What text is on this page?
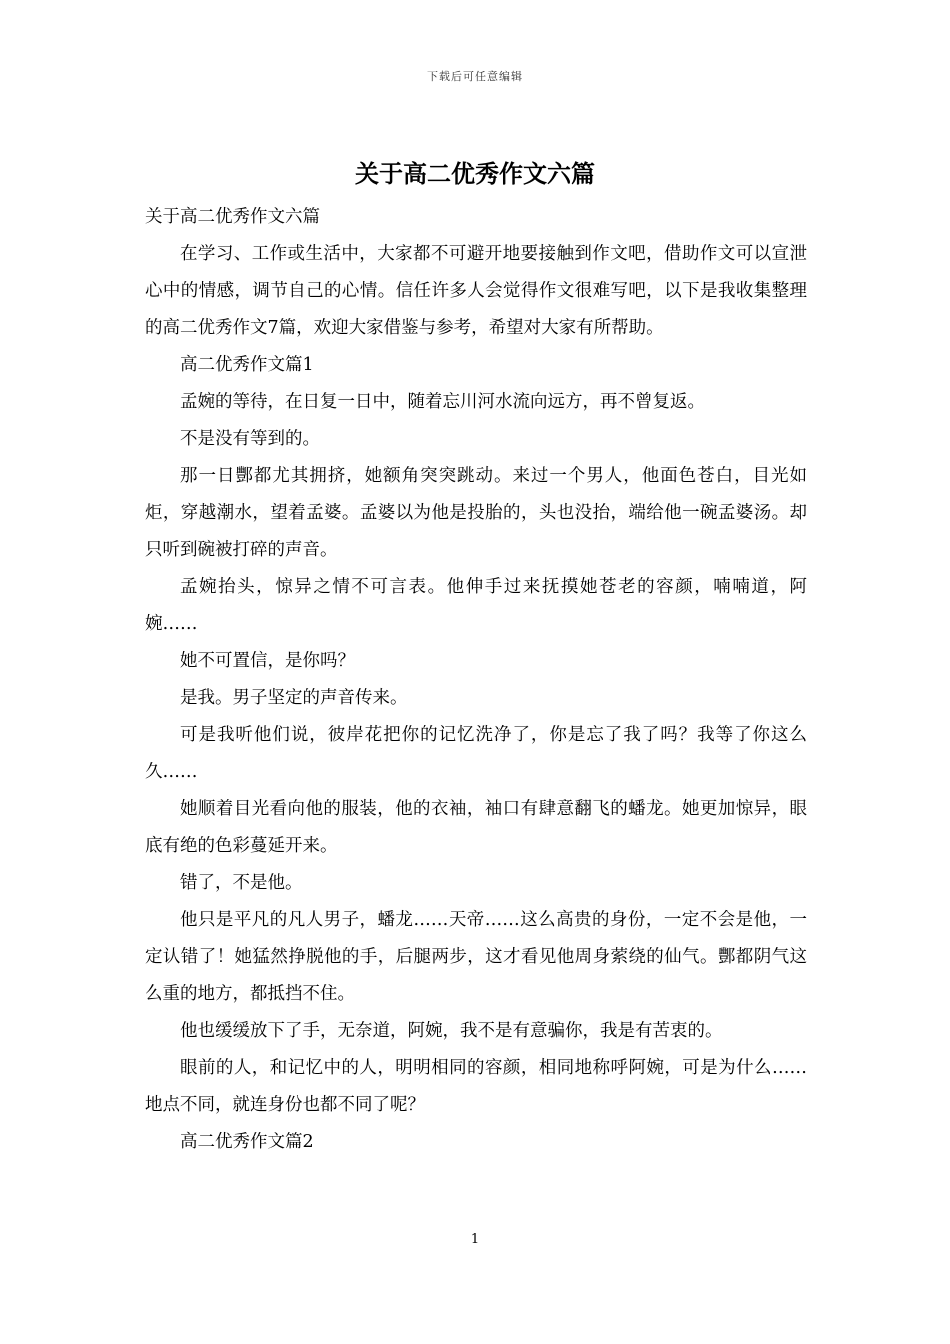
下载后可任意编辑
关于高二优秀作文六篇

关于高二优秀作文六篇

在学习、工作或生活中，大家都不可避开地要接触到作文吧，借助作文可以宣泄心中的情感，调节自己的心情。信任许多人会觉得作文很难写吧，以下是我收集整理的高二优秀作文7篇，欢迎大家借鉴与参考，希望对大家有所帮助。

高二优秀作文篇1

孟婉的等待，在日复一日中，随着忘川河水流向远方，再不曾复返。

不是没有等到的。

那一日酆都尤其拥挤，她额角突突跳动。来过一个男人，他面色苍白，目光如炬，穿越潮水，望着孟婆。孟婆以为他是投胎的，头也没抬，端给他一碗孟婆汤。却只听到碗被打碎的声音。

孟婉抬头，惊异之情不可言表。他伸手过来抚摸她苍老的容颜，喃喃道，阿婉……

她不可置信，是你吗？

是我。男子坚定的声音传来。

可是我听他们说，彼岸花把你的记忆洗净了，你是忘了我了吗？我等了你这么久……

她顺着目光看向他的服装，他的衣袖，袖口有肆意翻飞的蟠龙。她更加惊异，眼底有绝的色彩蔓延开来。

错了，不是他。

他只是平凡的凡人男子，蟠龙……天帝……这么高贵的身份，一定不会是他，一定认错了！她猛然挣脱他的手，后腿两步，这才看见他周身萦绕的仙气。酆都阴气这么重的地方，都抵挡不住。

他也缓缓放下了手，无奈道，阿婉，我不是有意骗你，我是有苦衷的。

眼前的人，和记忆中的人，明明相同的容颜，相同地称呼阿婉，可是为什么……地点不同，就连身份也都不同了呢？

高二优秀作文篇2

1
